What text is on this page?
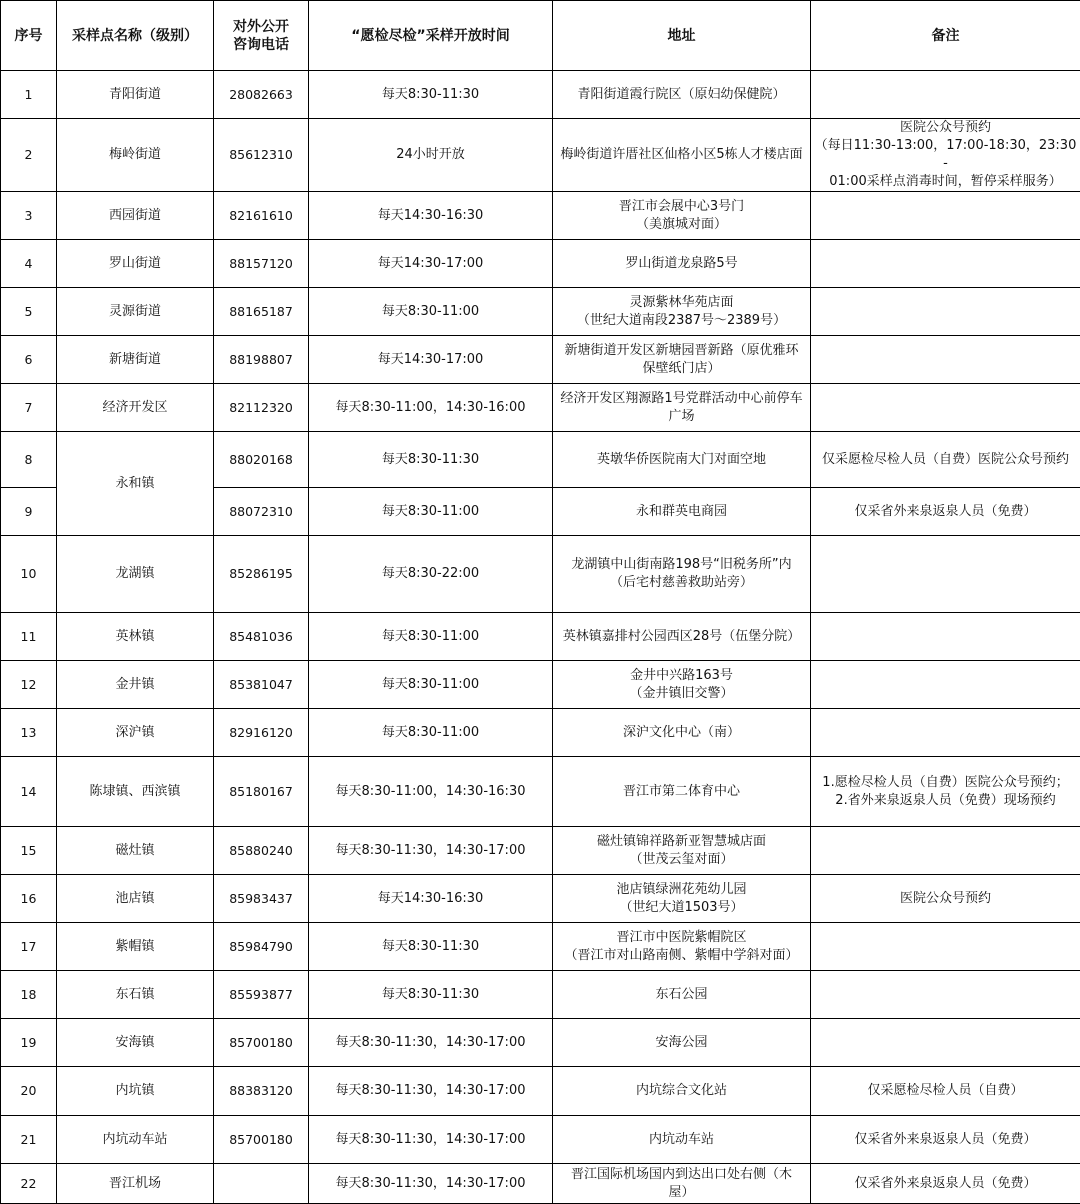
序号	采样点名称（级别）	对外公开
咨询电话	“愿检尽检”采样开放时间	地址	备注
1	青阳街道	28082663	每天8:30-11:30	青阳街道霞行院区（原妇幼保健院）	

2	梅岭街道	85612310	24小时开放	梅岭街道许厝社区仙格小区5栋人才楼店面	医院公众号预约
（每日11:30-13:00，17:00-18:30，23:30-
01:00采样点消毒时间，暂停采样服务）

3	西园街道	82161610	每天14:30-16:30	晋江市会展中心3号门
（美旗城对面）	

4	罗山街道	88157120	每天14:30-17:00	罗山街道龙泉路5号	

5	灵源街道	88165187	每天8:30-11:00	灵源紫林华苑店面
（世纪大道南段2387号～2389号）	

6	新塘街道	88198807	每天14:30-17:00	新塘街道开发区新塘园晋新路（原优雅环
保壁纸门店）	

7	经济开发区	82112320	每天8:30-11:00，14:30-16:00	经济开发区翔源路1号党群活动中心前停车
广场	

8	永和镇	88020168	每天8:30-11:30	英墩华侨医院南大门对面空地	仅采愿检尽检人员（自费）医院公众号预约

9		88072310	每天8:30-11:00	永和群英电商园	仅采省外来泉返泉人员（免费）

10	龙湖镇	85286195	每天8:30-22:00	龙湖镇中山街南路198号“旧税务所”内
（后宅村慈善救助站旁）	

11	英林镇	85481036	每天8:30-11:00	英林镇嘉排村公园西区28号（伍堡分院）	

12	金井镇	85381047	每天8:30-11:00	金井中兴路163号
（金井镇旧交警）	

13	深沪镇	82916120	每天8:30-11:00	深沪文化中心（南）	

14	陈埭镇、西滨镇	85180167	每天8:30-11:00，14:30-16:30	晋江市第二体育中心	1.愿检尽检人员（自费）医院公众号预约；
2.省外来泉返泉人员（免费）现场预约

15	磁灶镇	85880240	每天8:30-11:30，14:30-17:00	磁灶镇锦祥路新亚智慧城店面
（世茂云玺对面）	

16	池店镇	85983437	每天14:30-16:30	池店镇绿洲花苑幼儿园
（世纪大道1503号）	医院公众号预约

17	紫帽镇	85984790	每天8:30-11:30	晋江市中医院紫帽院区
（晋江市对山路南侧、紫帽中学斜对面）	

18	东石镇	85593877	每天8:30-11:30	东石公园	

19	安海镇	85700180	每天8:30-11:30，14:30-17:00	安海公园	

20	内坑镇	88383120	每天8:30-11:30，14:30-17:00	内坑综合文化站	仅采愿检尽检人员（自费）

21	内坑动车站	85700180	每天8:30-11:30，14:30-17:00	内坑动车站	仅采省外来泉返泉人员（免费）

22	晋江机场		每天8:30-11:30，14:30-17:00	晋江国际机场国内到达出口处右侧（木
屋）	仅采省外来泉返泉人员（免费）
